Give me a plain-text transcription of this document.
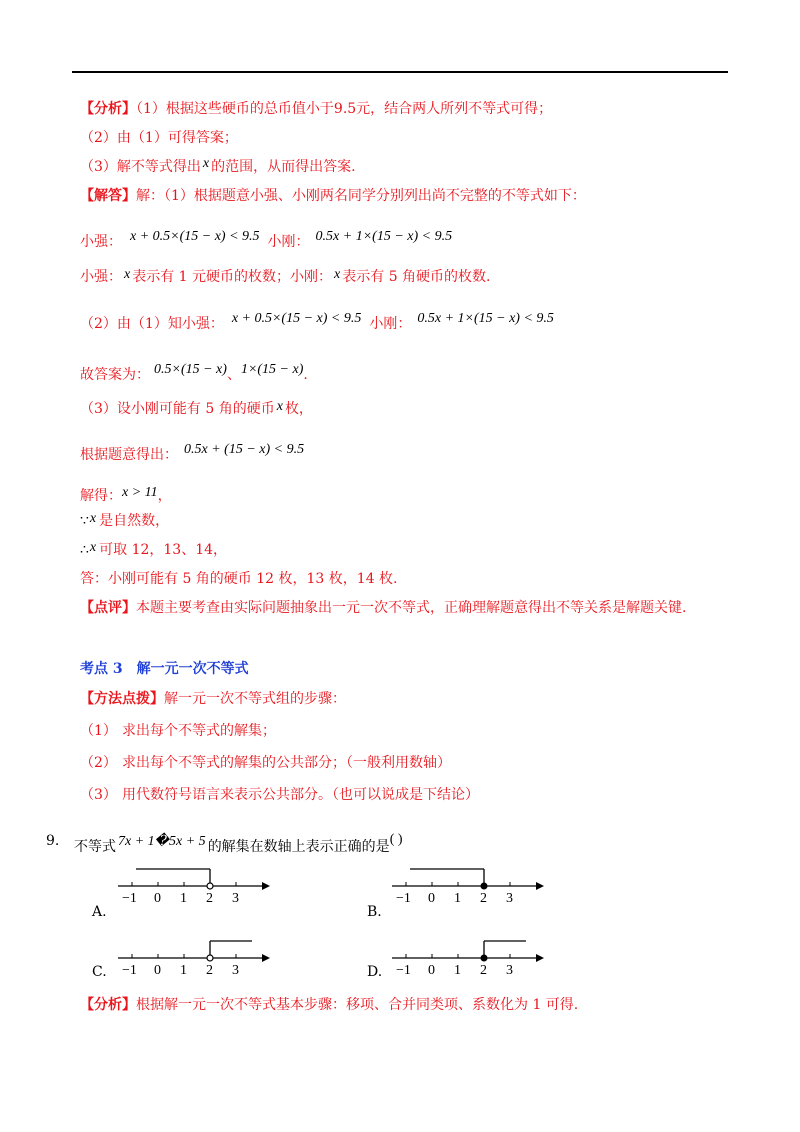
【分析】（1）根据这些硬币的总币值小于9.5元，结合两人所列不等式可得；
（2）由（1）可得答案；
（3）解不等式得出 x 的范围，从而得出答案.
【解答】解：（1）根据题意小强、小刚两名同学分别列出尚不完整的不等式如下：
小强： x + 0.5×(15 − x) < 9.5 小刚： 0.5x + 1×(15 − x) < 9.5
小强： x 表示有 1 元硬币的枚数；小刚： x 表示有 5 角硬币的枚数.
（2）由（1）知小强： x + 0.5×(15 − x) < 9.5 小刚： 0.5x + 1×(15 − x) < 9.5
故答案为： 0.5×(15 − x)、1×(15 − x).
（3）设小刚可能有 5 角的硬币 x 枚，
根据题意得出： 0.5x + (15 − x) < 9.5
解得：x > 11，
∵x 是自然数，
∴x 可取 12，13、14，
答：小刚可能有 5 角的硬币 12 枚，13 枚，14 枚.
【点评】本题主要考查由实际问题抽象出一元一次不等式，正确理解题意得出不等关系是解题关键.
考点 3　解一元一次不等式
【方法点拨】解一元一次不等式组的步骤：
（1） 求出每个不等式的解集；
（2） 求出每个不等式的解集的公共部分；（一般利用数轴）
（3） 用代数符号语言来表示公共部分。（也可以说成是下结论）
9. 不等式 7x + 1�5x + 5 的解集在数轴上表示正确的是( )
−1 0 1 2 3
A.
−1 0 1 2 3
B.
−1 0 1 2 3
C.	−1 0 1 2 3
D.
【分析】根据解一元一次不等式基本步骤：移项、合并同类项、系数化为 1 可得.
